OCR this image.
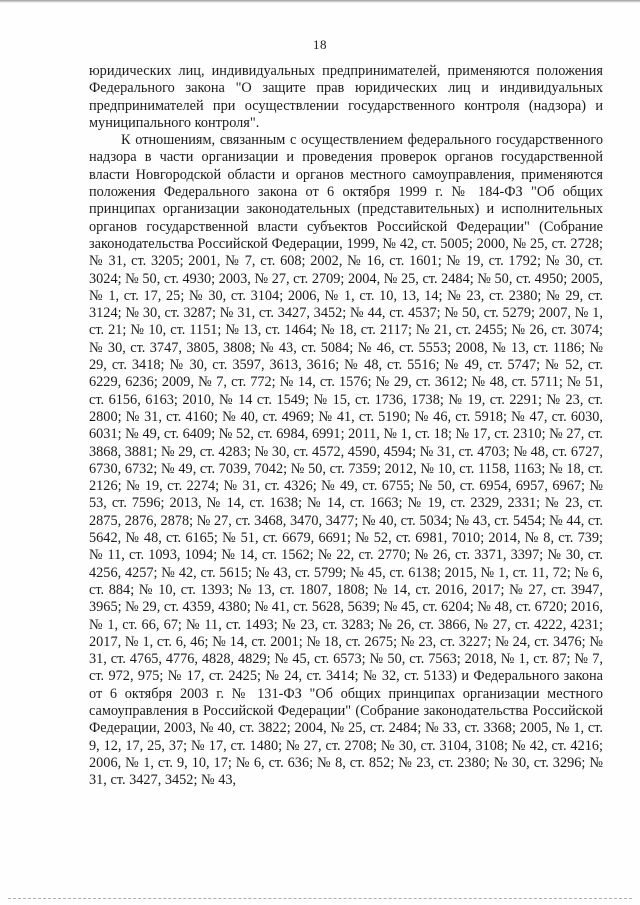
18

юридических лиц, индивидуальных предпринимателей, применяются положения Федерального закона "О защите прав юридических лиц и индивидуальных предпринимателей при осуществлении государственного контроля (надзора) и муниципального контроля".

К отношениям, связанным с осуществлением федерального государственного надзора в части организации и проведения проверок органов государственной власти Новгородской области и органов местного самоуправления, применяются положения Федерального закона от 6 октября 1999 г. № 184-ФЗ "Об общих принципах организации законодательных (представительных) и исполнительных органов государственной власти субъектов Российской Федерации" (Собрание законодательства Российской Федерации, 1999, № 42, ст. 5005; 2000, № 25, ст. 2728; № 31, ст. 3205; 2001, № 7, ст. 608; 2002, № 16, ст. 1601; № 19, ст. 1792; № 30, ст. 3024; № 50, ст. 4930; 2003, № 27, ст. 2709; 2004, № 25, ст. 2484; № 50, ст. 4950; 2005, № 1, ст. 17, 25; № 30, ст. 3104; 2006, № 1, ст. 10, 13, 14; № 23, ст. 2380; № 29, ст. 3124; № 30, ст. 3287; № 31, ст. 3427, 3452; № 44, ст. 4537; № 50, ст. 5279; 2007, № 1, ст. 21; № 10, ст. 1151; № 13, ст. 1464; № 18, ст. 2117; № 21, ст. 2455; № 26, ст. 3074; № 30, ст. 3747, 3805, 3808; № 43, ст. 5084; № 46, ст. 5553; 2008, № 13, ст. 1186; № 29, ст. 3418; № 30, ст. 3597, 3613, 3616; № 48, ст. 5516; № 49, ст. 5747; № 52, ст. 6229, 6236; 2009, № 7, ст. 772; № 14, ст. 1576; № 29, ст. 3612; № 48, ст. 5711; № 51, ст. 6156, 6163; 2010, № 14 ст. 1549; № 15, ст. 1736, 1738; № 19, ст. 2291; № 23, ст. 2800; № 31, ст. 4160; № 40, ст. 4969; № 41, ст. 5190; № 46, ст. 5918; № 47, ст. 6030, 6031; № 49, ст. 6409; № 52, ст. 6984, 6991; 2011, № 1, ст. 18; № 17, ст. 2310; № 27, ст. 3868, 3881; № 29, ст. 4283; № 30, ст. 4572, 4590, 4594; № 31, ст. 4703; № 48, ст. 6727, 6730, 6732; № 49, ст. 7039, 7042; № 50, ст. 7359; 2012, № 10, ст. 1158, 1163; № 18, ст. 2126; № 19, ст. 2274; № 31, ст. 4326; № 49, ст. 6755; № 50, ст. 6954, 6957, 6967; № 53, ст. 7596; 2013, № 14, ст. 1638; № 14, ст. 1663; № 19, ст. 2329, 2331; № 23, ст. 2875, 2876, 2878; № 27, ст. 3468, 3470, 3477; № 40, ст. 5034; № 43, ст. 5454; № 44, ст. 5642, № 48, ст. 6165; № 51, ст. 6679, 6691; № 52, ст. 6981, 7010; 2014, № 8, ст. 739; № 11, ст. 1093, 1094; № 14, ст. 1562; № 22, ст. 2770; № 26, ст. 3371, 3397; № 30, ст. 4256, 4257; № 42, ст. 5615; № 43, ст. 5799; № 45, ст. 6138; 2015, № 1, ст. 11, 72; № 6, ст. 884; № 10, ст. 1393; № 13, ст. 1807, 1808; № 14, ст. 2016, 2017; № 27, ст. 3947, 3965; № 29, ст. 4359, 4380; № 41, ст. 5628, 5639; № 45, ст. 6204; № 48, ст. 6720; 2016, № 1, ст. 66, 67; № 11, ст. 1493; № 23, ст. 3283; № 26, ст. 3866, № 27, ст. 4222, 4231; 2017, № 1, ст. 6, 46; № 14, ст. 2001; № 18, ст. 2675; № 23, ст. 3227; № 24, ст. 3476; № 31, ст. 4765, 4776, 4828, 4829; № 45, ст. 6573; № 50, ст. 7563; 2018, № 1, ст. 87; № 7, ст. 972, 975; № 17, ст. 2425; № 24, ст. 3414; № 32, ст. 5133) и Федерального закона от 6 октября 2003 г. № 131-ФЗ "Об общих принципах организации местного самоуправления в Российской Федерации" (Собрание законодательства Российской Федерации, 2003, № 40, ст. 3822; 2004, № 25, ст. 2484; № 33, ст. 3368; 2005, № 1, ст. 9, 12, 17, 25, 37; № 17, ст. 1480; № 27, ст. 2708; № 30, ст. 3104, 3108; № 42, ст. 4216; 2006, № 1, ст. 9, 10, 17; № 6, ст. 636; № 8, ст. 852; № 23, ст. 2380; № 30, ст. 3296; № 31, ст. 3427, 3452; № 43,
